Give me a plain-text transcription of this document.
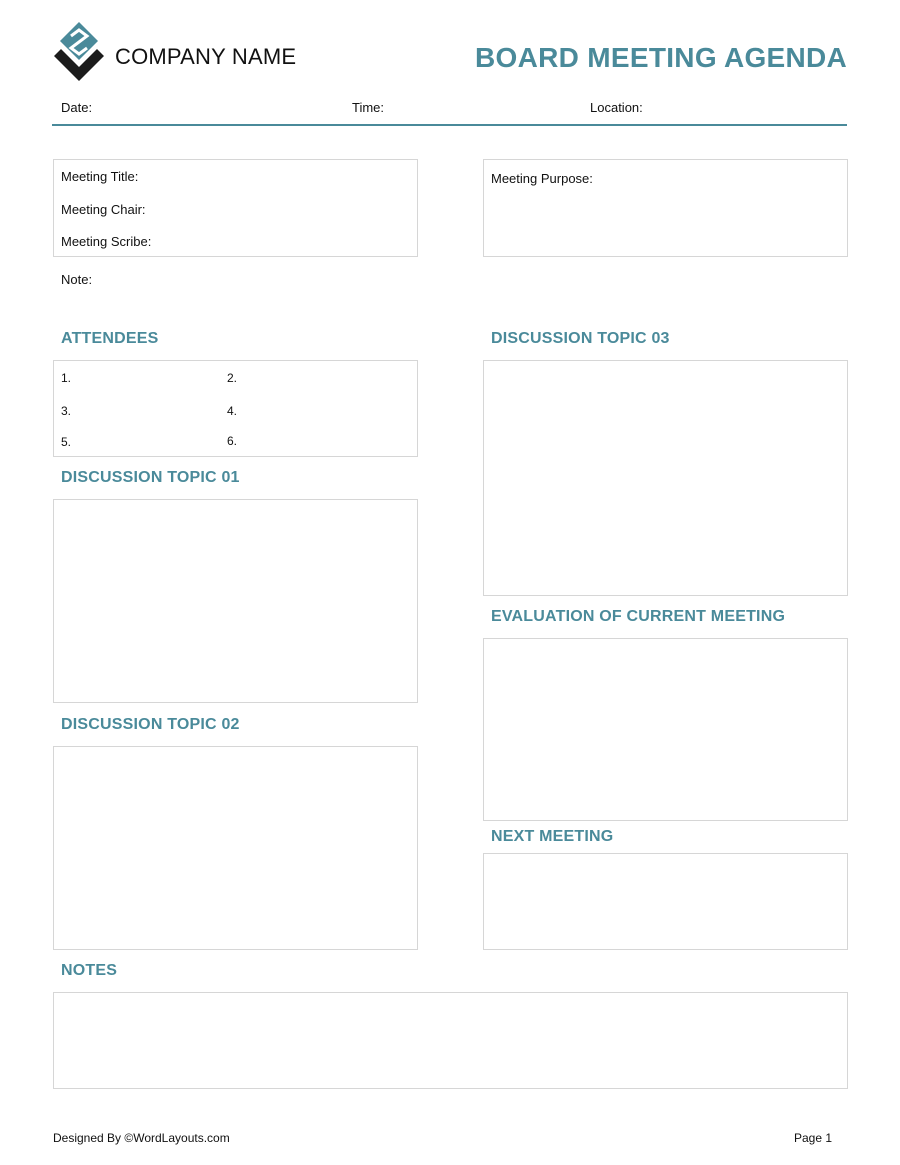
COMPANY NAME	BOARD MEETING AGENDA
Date:	Time:	Location:
Meeting Title:
Meeting Chair:
Meeting Scribe:
Meeting Purpose:
Note:
ATTENDEES
1.	2.
3.	4.
5.	6.
DISCUSSION TOPIC 01
DISCUSSION TOPIC 02
DISCUSSION TOPIC 03
EVALUATION OF CURRENT MEETING
NEXT MEETING
NOTES
Designed By ©WordLayouts.com	Page 1
